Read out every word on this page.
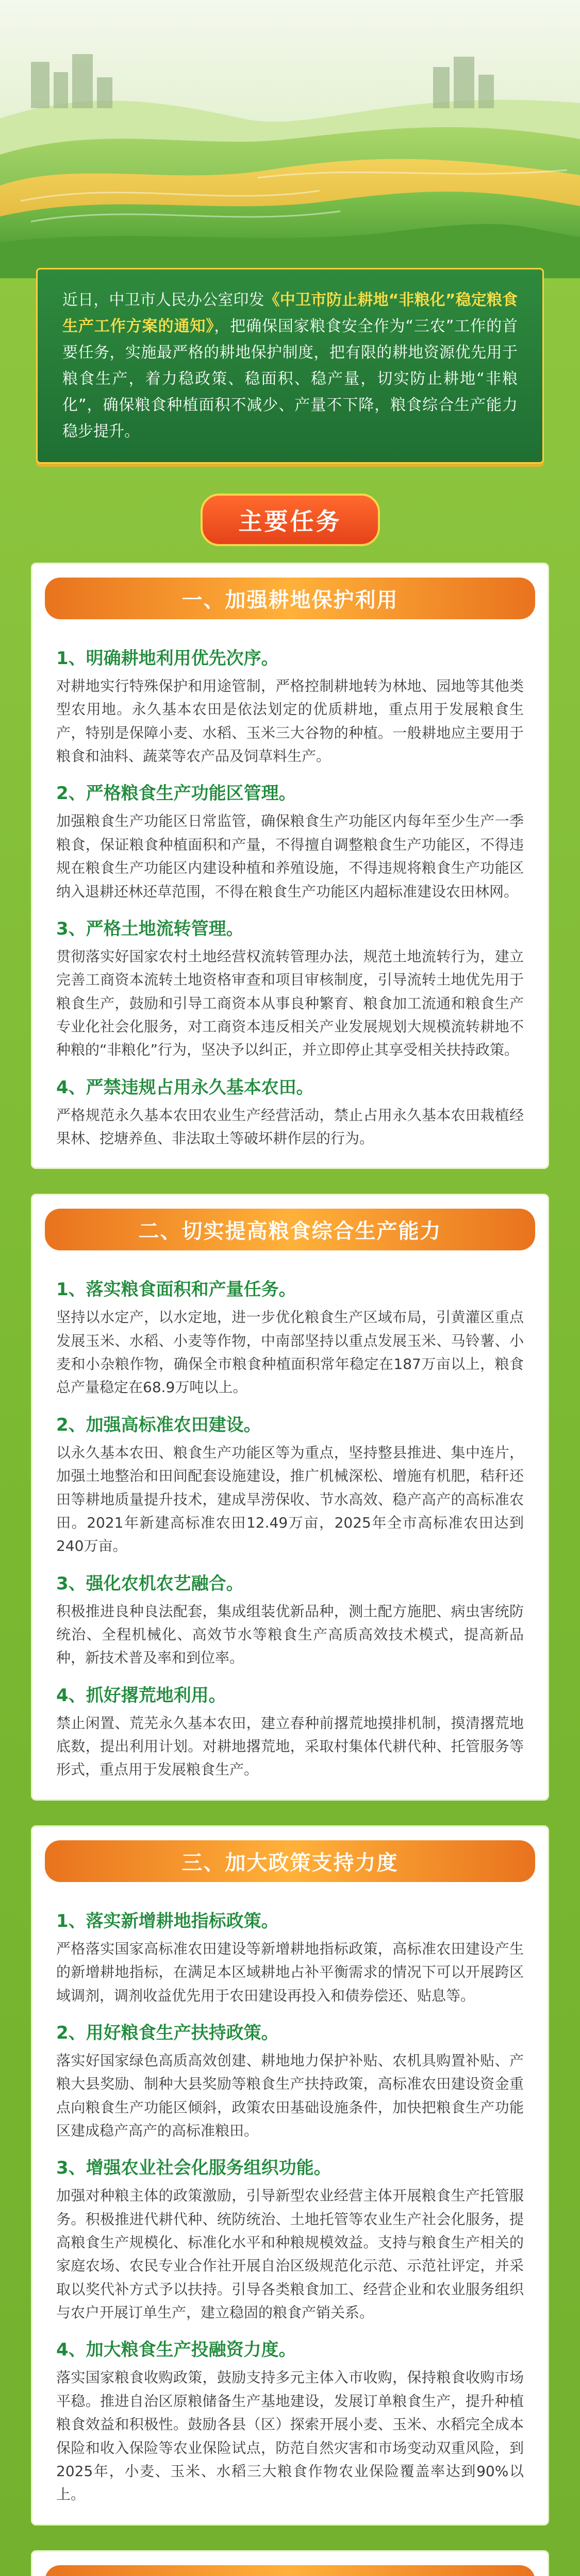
近日，中卫市人民办公室印发《中卫市防止耕地“非粮化”稳定粮食生产工作方案的通知》，把确保国家粮食安全作为“三农”工作的首要任务，实施最严格的耕地保护制度，把有限的耕地资源优先用于粮食生产，着力稳政策、稳面积、稳产量，切实防止耕地“非粮化”，确保粮食种植面积不减少、产量不下降，粮食综合生产能力稳步提升。
主要任务
一、加强耕地保护利用
1、明确耕地利用优先次序。

对耕地实行特殊保护和用途管制，严格控制耕地转为林地、园地等其他类型农用地。永久基本农田是依法划定的优质耕地，重点用于发展粮食生产，特别是保障小麦、水稻、玉米三大谷物的种植。一般耕地应主要用于粮食和油料、蔬菜等农产品及饲草料生产。

2、严格粮食生产功能区管理。

加强粮食生产功能区日常监管，确保粮食生产功能区内每年至少生产一季粮食，保证粮食种植面积和产量，不得擅自调整粮食生产功能区，不得违规在粮食生产功能区内建设种植和养殖设施，不得违规将粮食生产功能区纳入退耕还林还草范围，不得在粮食生产功能区内超标准建设农田林网。

3、严格土地流转管理。

贯彻落实好国家农村土地经营权流转管理办法，规范土地流转行为，建立完善工商资本流转土地资格审查和项目审核制度，引导流转土地优先用于粮食生产，鼓励和引导工商资本从事良种繁育、粮食加工流通和粮食生产专业化社会化服务，对工商资本违反相关产业发展规划大规模流转耕地不种粮的“非粮化”行为，坚决予以纠正，并立即停止其享受相关扶持政策。

4、严禁违规占用永久基本农田。

严格规范永久基本农田农业生产经营活动，禁止占用永久基本农田栽植经果林、挖塘养鱼、非法取土等破坏耕作层的行为。

二、切实提高粮食综合生产能力
1、落实粮食面积和产量任务。

坚持以水定产，以水定地，进一步优化粮食生产区域布局，引黄灌区重点发展玉米、水稻、小麦等作物，中南部坚持以重点发展玉米、马铃薯、小麦和小杂粮作物，确保全市粮食种植面积常年稳定在187万亩以上，粮食总产量稳定在68.9万吨以上。

2、加强高标准农田建设。

以永久基本农田、粮食生产功能区等为重点，坚持整县推进、集中连片，加强土地整治和田间配套设施建设，推广机械深松、增施有机肥，秸秆还田等耕地质量提升技术，建成旱涝保收、节水高效、稳产高产的高标准农田。2021年新建高标准农田12.49万亩，2025年全市高标准农田达到240万亩。

3、强化农机农艺融合。

积极推进良种良法配套，集成组装优新品种，测土配方施肥、病虫害统防统治、全程机械化、高效节水等粮食生产高质高效技术模式，提高新品种，新技术普及率和到位率。

4、抓好撂荒地利用。

禁止闲置、荒芜永久基本农田，建立春种前撂荒地摸排机制，摸清撂荒地底数，提出利用计划。对耕地撂荒地，采取村集体代耕代种、托管服务等形式，重点用于发展粮食生产。

三、加大政策支持力度
1、落实新增耕地指标政策。

严格落实国家高标准农田建设等新增耕地指标政策，高标准农田建设产生的新增耕地指标，在满足本区域耕地占补平衡需求的情况下可以开展跨区域调剂，调剂收益优先用于农田建设再投入和债券偿还、贴息等。

2、用好粮食生产扶持政策。

落实好国家绿色高质高效创建、耕地地力保护补贴、农机具购置补贴、产粮大县奖励、制种大县奖励等粮食生产扶持政策，高标准农田建设资金重点向粮食生产功能区倾斜，政策农田基础设施条件，加快把粮食生产功能区建成稳产高产的高标准粮田。

3、增强农业社会化服务组织功能。

加强对种粮主体的政策激励，引导新型农业经营主体开展粮食生产托管服务。积极推进代耕代种、统防统治、土地托管等农业生产社会化服务，提高粮食生产规模化、标准化水平和种粮规模效益。支持与粮食生产相关的家庭农场、农民专业合作社开展自治区级规范化示范、示范社评定，并采取以奖代补方式予以扶持。引导各类粮食加工、经营企业和农业服务组织与农户开展订单生产，建立稳固的粮食产销关系。

4、加大粮食生产投融资力度。

落实国家粮食收购政策，鼓励支持多元主体入市收购，保持粮食收购市场平稳。推进自治区原粮储备生产基地建设，发展订单粮食生产，提升种植粮食效益和积极性。鼓励各县（区）探索开展小麦、玉米、水稻完全成本保险和收入保险等农业保险试点，防范自然灾害和市场变动双重风险，到2025年，小麦、玉米、水稻三大粮食作物农业保险覆盖率达到90%以上。
